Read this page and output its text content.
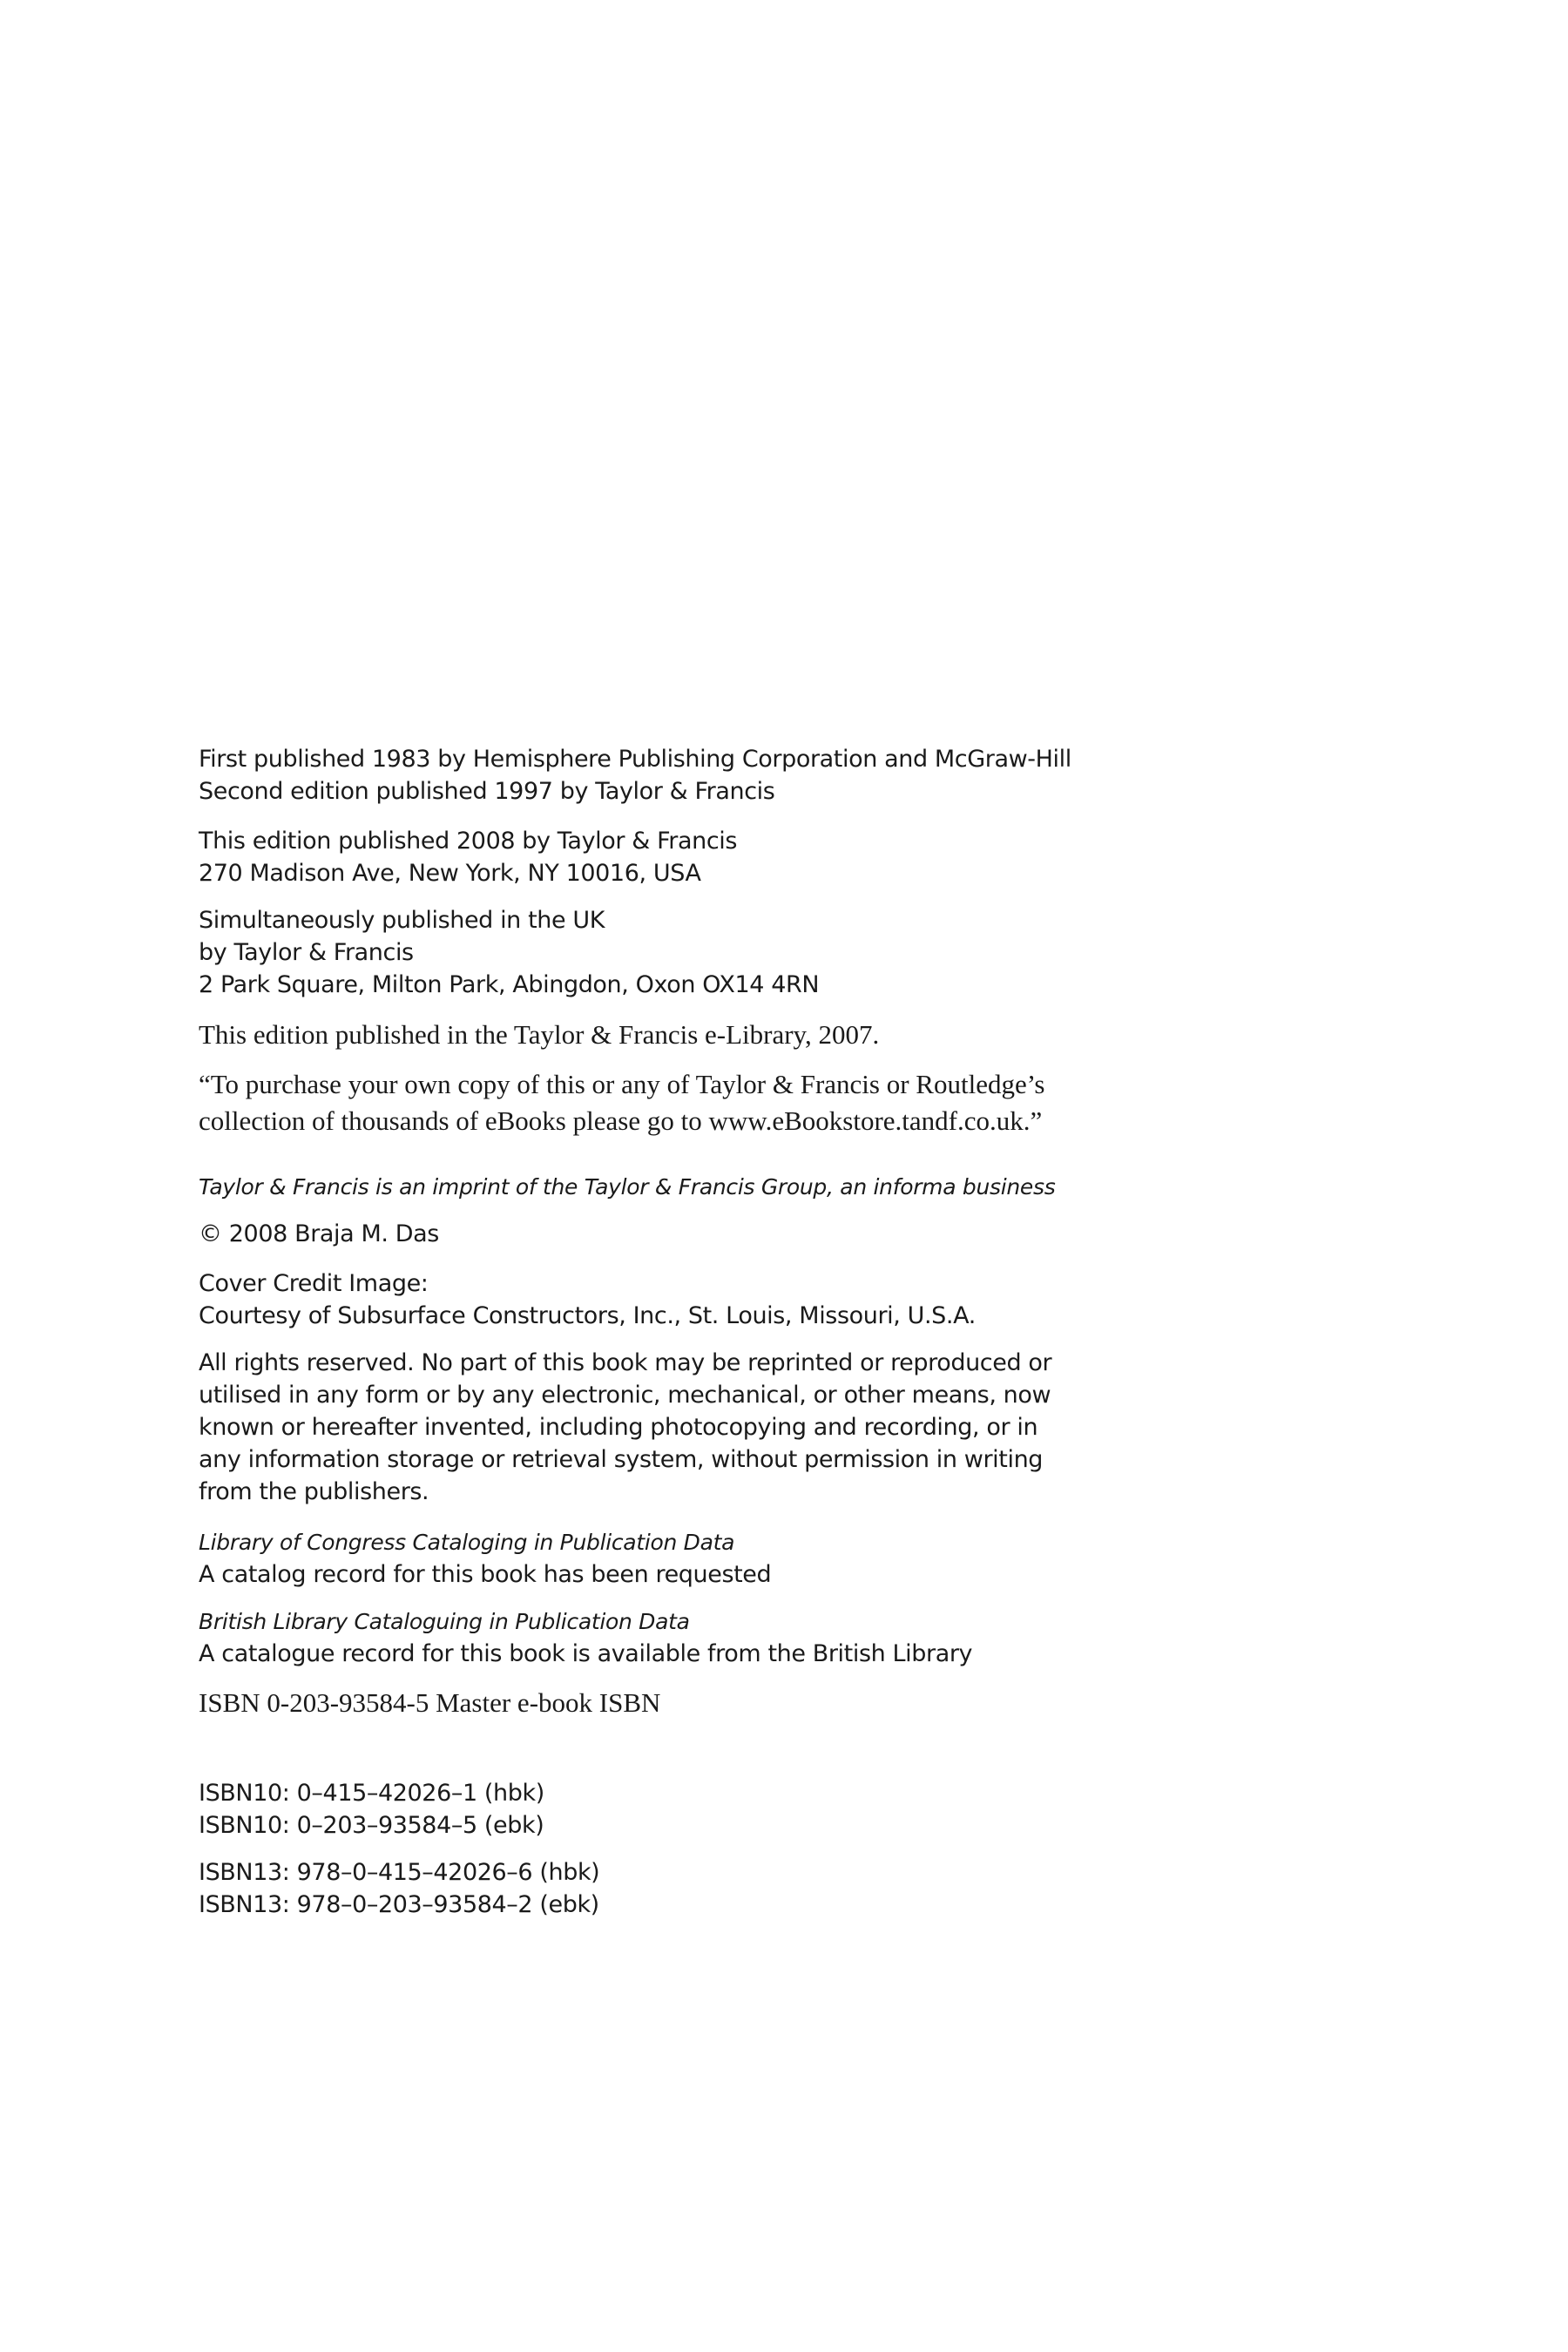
First published 1983 by Hemisphere Publishing Corporation and McGraw-Hill
Second edition published 1997 by Taylor & Francis
This edition published 2008 by Taylor & Francis
270 Madison Ave, New York, NY 10016, USA
Simultaneously published in the UK
by Taylor & Francis
2 Park Square, Milton Park, Abingdon, Oxon OX14 4RN
This edition published in the Taylor & Francis e-Library, 2007.
“To purchase your own copy of this or any of Taylor & Francis or Routledge’s
collection of thousands of eBooks please go to www.eBookstore.tandf.co.uk.”
Taylor & Francis is an imprint of the Taylor & Francis Group, an informa business
© 2008 Braja M. Das
Cover Credit Image:
Courtesy of Subsurface Constructors, Inc., St. Louis, Missouri, U.S.A.
All rights reserved. No part of this book may be reprinted or reproduced or
utilised in any form or by any electronic, mechanical, or other means, now
known or hereafter invented, including photocopying and recording, or in
any information storage or retrieval system, without permission in writing
from the publishers.
Library of Congress Cataloging in Publication Data
A catalog record for this book has been requested
British Library Cataloguing in Publication Data
A catalogue record for this book is available from the British Library
ISBN 0-203-93584-5 Master e-book ISBN
ISBN10: 0–415–42026–1 (hbk)
ISBN10: 0–203–93584–5 (ebk)
ISBN13: 978–0–415–42026–6 (hbk)
ISBN13: 978–0–203–93584–2 (ebk)
